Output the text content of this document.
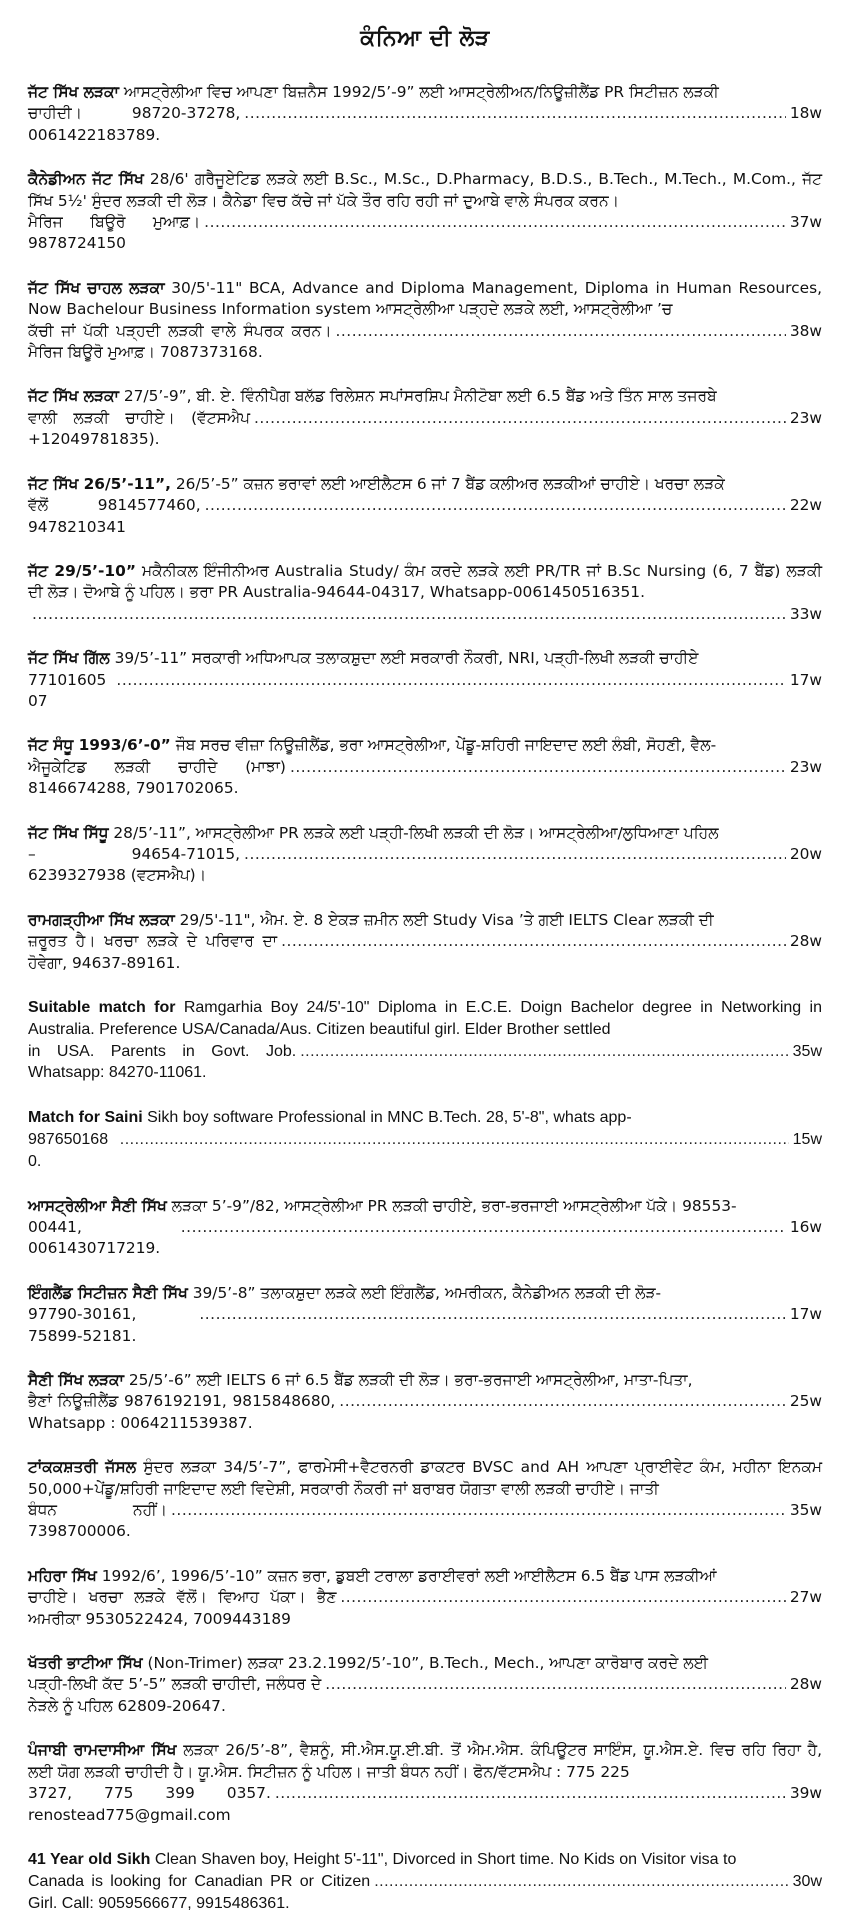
ਕੰਨਿਆ ਦੀ ਲੋੜ
ਜੱਟ ਸਿੱਖ ਲੜਕਾ ਆਸਟ੍ਰੇਲੀਆ ਵਿਚ ਆਪਣਾ ਬਿਜ਼ਨੈਸ 1992/5’-9” ਲਈ ਆਸਟ੍ਰੇਲੀਅਨ/ਨਿਊਜ਼ੀਲੈਂਡ PR ਸਿਟੀਜ਼ਨ ਲੜਕੀ
ਚਾਹੀਦੀ। 98720-37278, 0061422183789.
.....
18w
ਕੈਨੇਡੀਅਨ ਜੱਟ ਸਿੱਖ 28/6' ਗਰੈਜੂਏਟਿਡ ਲੜਕੇ ਲਈ B.Sc., M.Sc., D.Pharmacy, B.D.S., B.Tech., M.Tech., M.Com., ਜੱਟ ਸਿੱਖ 5½' ਸੁੰਦਰ ਲੜਕੀ ਦੀ ਲੋੜ। ਕੈਨੇਡਾ ਵਿਚ ਕੱਚੇ ਜਾਂ ਪੱਕੇ ਤੌਰ ਰਹਿ ਰਹੀ ਜਾਂ ਦੁਆਬੇ ਵਾਲੇ ਸੰਪਰਕ ਕਰਨ।
ਮੈਰਿਜ ਬਿਊਰੋ ਮੁਆਫ਼। 9878724150
.....
37w
ਜੱਟ ਸਿੱਖ ਚਾਹਲ ਲੜਕਾ 30/5'-11" BCA, Advance and Diploma Management, Diploma in Human Resources, Now Bachelour Business Information system ਆਸਟ੍ਰੇਲੀਆ ਪੜ੍ਹਦੇ ਲੜਕੇ ਲਈ, ਆਸਟ੍ਰੇਲੀਆ ’ਚ
ਕੱਚੀ ਜਾਂ ਪੱਕੀ ਪੜ੍ਹਦੀ ਲੜਕੀ ਵਾਲੇ ਸੰਪਰਕ ਕਰਨ। ਮੈਰਿਜ ਬਿਊਰੋ ਮੁਆਫ਼। 7087373168.
.....
38w
ਜੱਟ ਸਿੱਖ ਲੜਕਾ 27/5’-9”, ਬੀ. ਏ. ਵਿੰਨੀਪੈਗ ਬਲੱਡ ਰਿਲੇਸ਼ਨ ਸਪਾਂਸਰਸ਼ਿਪ ਮੈਨੀਟੋਬਾ ਲਈ 6.5 ਬੈਂਡ ਅਤੇ ਤਿੰਨ ਸਾਲ ਤਜਰਬੇ
ਵਾਲੀ ਲੜਕੀ ਚਾਹੀਏ। (ਵੱਟਸਐਪ +12049781835).
.....
23w
ਜੱਟ ਸਿੱਖ 26/5’-11”, 26/5’-5” ਕਜ਼ਨ ਭਰਾਵਾਂ ਲਈ ਆਈਲੈਟਸ 6 ਜਾਂ 7 ਬੈਂਡ ਕਲੀਅਰ ਲੜਕੀਆਂ ਚਾਹੀਏ। ਖਰਚਾ ਲੜਕੇ
ਵੱਲੋਂ 9814577460, 9478210341
.....
22w
ਜੱਟ 29/5’-10” ਮਕੈਨੀਕਲ ਇੰਜੀਨੀਅਰ Australia Study/ ਕੰਮ ਕਰਦੇ ਲੜਕੇ ਲਈ PR/TR ਜਾਂ B.Sc Nursing (6, 7 ਬੈਂਡ) ਲੜਕੀ ਦੀ ਲੋੜ। ਦੋਆਬੇ ਨੂੰ ਪਹਿਲ। ਭਰਾ PR Australia-94644-04317, Whatsapp-0061450516351.
.....
33w
ਜੱਟ ਸਿੱਖ ਗਿੱਲ 39/5’-11” ਸਰਕਾਰੀ ਅਧਿਆਪਕ ਤਲਾਕਸ਼ੁਦਾ ਲਈ ਸਰਕਾਰੀ ਨੌਕਰੀ, NRI, ਪੜ੍ਹੀ-ਲਿਖੀ ਲੜਕੀ ਚਾਹੀਏ
7710160507
.....
17w
ਜੱਟ ਸੰਧੂ 1993/6’-0” ਜੌਬ ਸਰਚ ਵੀਜ਼ਾ ਨਿਊਜ਼ੀਲੈਂਡ, ਭਰਾ ਆਸਟ੍ਰੇਲੀਆ, ਪੇਂਡੂ-ਸ਼ਹਿਰੀ ਜਾਇਦਾਦ ਲਈ ਲੰਬੀ, ਸੋਹਣੀ, ਵੈਲ-
ਐਜੂਕੇਟਿਡ ਲੜਕੀ ਚਾਹੀਦੇ (ਮਾਝਾ) 8146674288, 7901702065.
.....
23w
ਜੱਟ ਸਿੱਖ ਸਿੱਧੂ 28/5’-11”, ਆਸਟ੍ਰੇਲੀਆ PR ਲੜਕੇ ਲਈ ਪੜ੍ਹੀ-ਲਿਖੀ ਲੜਕੀ ਦੀ ਲੋੜ। ਆਸਟ੍ਰੇਲੀਆ/ਲੁਧਿਆਣਾ ਪਹਿਲ
– 94654-71015, 6239327938 (ਵਟਸਐਪ)।
.....
20w
ਰਾਮਗੜ੍ਹੀਆ ਸਿੱਖ ਲੜਕਾ 29/5'-11", ਐਮ. ਏ. 8 ਏਕੜ ਜ਼ਮੀਨ ਲਈ Study Visa ’ਤੇ ਗਈ IELTS Clear ਲੜਕੀ ਦੀ
ਜ਼ਰੂਰਤ ਹੈ। ਖਰਚਾ ਲੜਕੇ ਦੇ ਪਰਿਵਾਰ ਦਾ ਹੋਵੇਗਾ, 94637-89161.
.....
28w
Suitable match for Ramgarhia Boy 24/5'-10" Diploma in E.C.E. Doign Bachelor degree in Networking in Australia. Preference USA/Canada/Aus. Citizen beautiful girl. Elder Brother settled
in USA. Parents in Govt. Job. Whatsapp: 84270-11061.
.....
35w
Match for Saini Sikh boy software Professional in MNC B.Tech. 28, 5'-8", whats app-
9876501680.
.....
15w
ਆਸਟ੍ਰੇਲੀਆ ਸੈਣੀ ਸਿੱਖ ਲੜਕਾ 5’-9”/82, ਆਸਟ੍ਰੇਲੀਆ PR ਲੜਕੀ ਚਾਹੀਏ, ਭਰਾ-ਭਰਜਾਈ ਆਸਟ੍ਰੇਲੀਆ ਪੱਕੇ। 98553-
00441, 0061430717219.
.....
16w
ਇੰਗਲੈਂਡ ਸਿਟੀਜ਼ਨ ਸੈਣੀ ਸਿੱਖ 39/5’-8” ਤਲਾਕਸ਼ੁਦਾ ਲੜਕੇ ਲਈ ਇੰਗਲੈਂਡ, ਅਮਰੀਕਨ, ਕੈਨੇਡੀਅਨ ਲੜਕੀ ਦੀ ਲੋੜ-
97790-30161, 75899-52181.
.....
17w
ਸੈਣੀ ਸਿੱਖ ਲੜਕਾ 25/5’-6” ਲਈ IELTS 6 ਜਾਂ 6.5 ਬੈਂਡ ਲੜਕੀ ਦੀ ਲੋੜ। ਭਰਾ-ਭਰਜਾਈ ਆਸਟ੍ਰੇਲੀਆ, ਮਾਤਾ-ਪਿਤਾ,
ਭੈਣਾਂ ਨਿਊਜ਼ੀਲੈਂਡ 9876192191, 9815848680, Whatsapp : 0064211539387.
.....
25w
ਟਾਂਕਕਸ਼ਤਰੀ ਜੱਸਲ ਸੁੰਦਰ ਲੜਕਾ 34/5’-7”, ਫਾਰਮੇਸੀ+ਵੈਟਰਨਰੀ ਡਾਕਟਰ BVSC and AH ਆਪਣਾ ਪ੍ਰਾਈਵੇਟ ਕੰਮ, ਮਹੀਨਾ ਇਨਕਮ 50,000+ਪੇਂਡੂ/ਸ਼ਹਿਰੀ ਜਾਇਦਾਦ ਲਈ ਵਿਦੇਸ਼ੀ, ਸਰਕਾਰੀ ਨੌਕਰੀ ਜਾਂ ਬਰਾਬਰ ਯੋਗਤਾ ਵਾਲੀ ਲੜਕੀ ਚਾਹੀਏ। ਜਾਤੀ
ਬੰਧਨ ਨਹੀਂ। 7398700006.
.....
35w
ਮਹਿਰਾ ਸਿੱਖ 1992/6’, 1996/5’-10” ਕਜ਼ਨ ਭਰਾ, ਡੁਬਈ ਟਰਾਲਾ ਡਰਾਈਵਰਾਂ ਲਈ ਆਈਲੈਟਸ 6.5 ਬੈਂਡ ਪਾਸ ਲੜਕੀਆਂ
ਚਾਹੀਏ। ਖਰਚਾ ਲੜਕੇ ਵੱਲੋਂ। ਵਿਆਹ ਪੱਕਾ। ਭੈਣ ਅਮਰੀਕਾ 9530522424, 7009443189
.....
27w
ਖੱਤਰੀ ਭਾਟੀਆ ਸਿੱਖ (Non-Trimer) ਲੜਕਾ 23.2.1992/5’-10”, B.Tech., Mech., ਆਪਣਾ ਕਾਰੋਬਾਰ ਕਰਦੇ ਲਈ
ਪੜ੍ਹੀ-ਲਿਖੀ ਕੱਦ 5’-5” ਲੜਕੀ ਚਾਹੀਦੀ, ਜਲੰਧਰ ਦੇ ਨੇੜਲੇ ਨੂੰ ਪਹਿਲ 62809-20647.
.....
28w
ਪੰਜਾਬੀ ਰਾਮਦਾਸੀਆ ਸਿੱਖ ਲੜਕਾ 26/5’-8”, ਵੈਸ਼ਨੂੰ, ਸੀ.ਐਸ.ਯੂ.ਈ.ਬੀ. ਤੋਂ ਐਮ.ਐਸ. ਕੰਪਿਊਟਰ ਸਾਇੰਸ, ਯੂ.ਐਸ.ਏ. ਵਿਚ ਰਹਿ ਰਿਹਾ ਹੈ, ਲਈ ਯੋਗ ਲੜਕੀ ਚਾਹੀਦੀ ਹੈ। ਯੂ.ਐਸ. ਸਿਟੀਜ਼ਨ ਨੂੰ ਪਹਿਲ। ਜਾਤੀ ਬੰਧਨ ਨਹੀਂ। ਫੋਨ/ਵੱਟਸਐਪ : 775 225
3727, 775 399 0357. renostead775@gmail.com
.....
39w
41 Year old Sikh Clean Shaven boy, Height 5'-11", Divorced in Short time. No Kids on Visitor visa to
Canada is looking for Canadian PR or Citizen Girl. Call: 9059566677, 9915486361.
.....
30w
